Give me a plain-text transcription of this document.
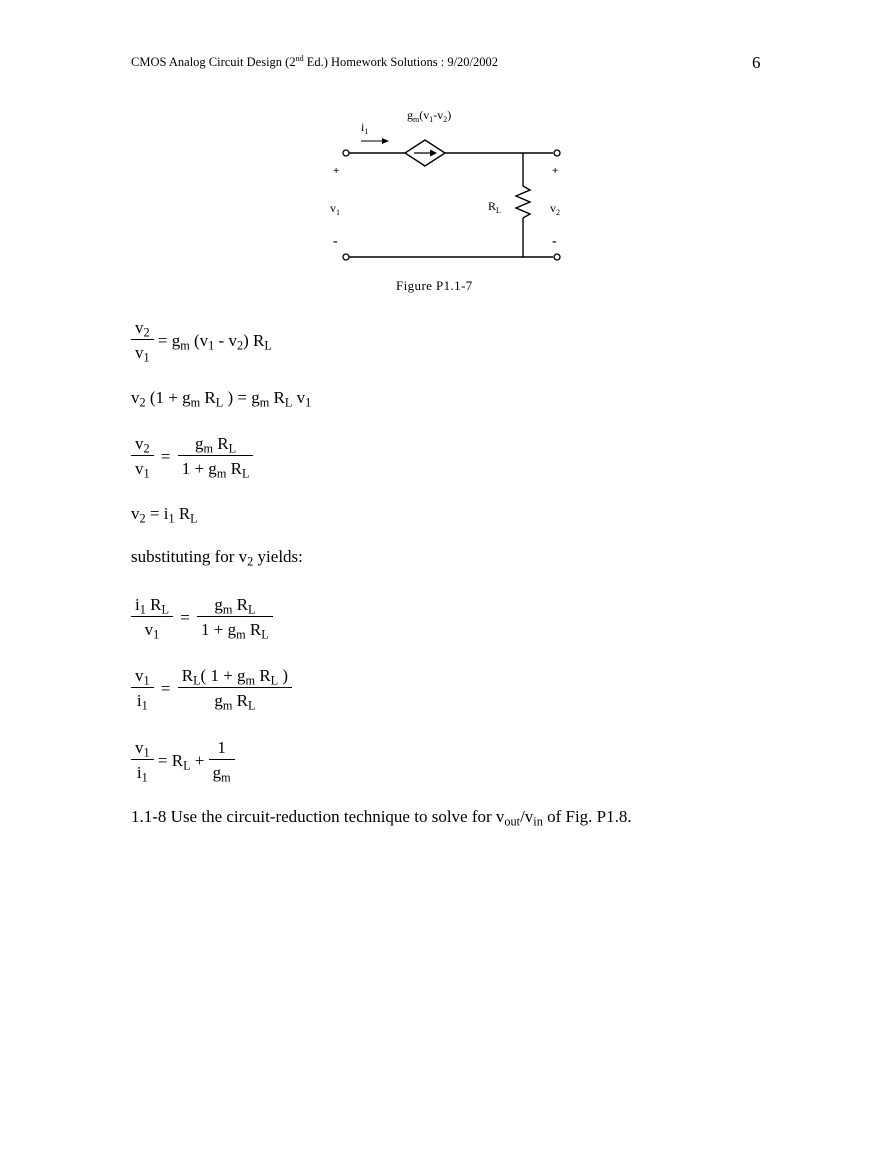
CMOS Analog Circuit Design (2nd Ed.) Homework Solutions : 9/20/2002	6
$i_1$
$g_m(v_1-v_2)$
$v_1$	$R_L$	$v_2$
+	+
-	-
Figure P1.1-7
$\frac{v_2}{v_1} = g_m$ $(v_1 - v_2)$ $R_L$
$v_2$ ($1 + g_m$ $R_L$ ) = $g_m$ $R_L$ $v_1$
$\frac{v_2}{v_1} = \frac{g_m R_L}{1 + g_m R_L}$
$v_2 = i_1$ $R_L$
substituting for $v_2$ yields:
$\frac{i_1 R_L}{v_1} = \frac{g_m R_L}{1 + g_m R_L}$
$\frac{v_1}{i_1} = \frac{R_L( 1 + g_m R_L )}{g_m R_L}$
$\frac{v_1}{i_1} = R_L + \frac{1}{g_m}$
1.1-8 Use the circuit-reduction technique to solve for $v_{out}/v_{in}$ of Fig. P1.8.
